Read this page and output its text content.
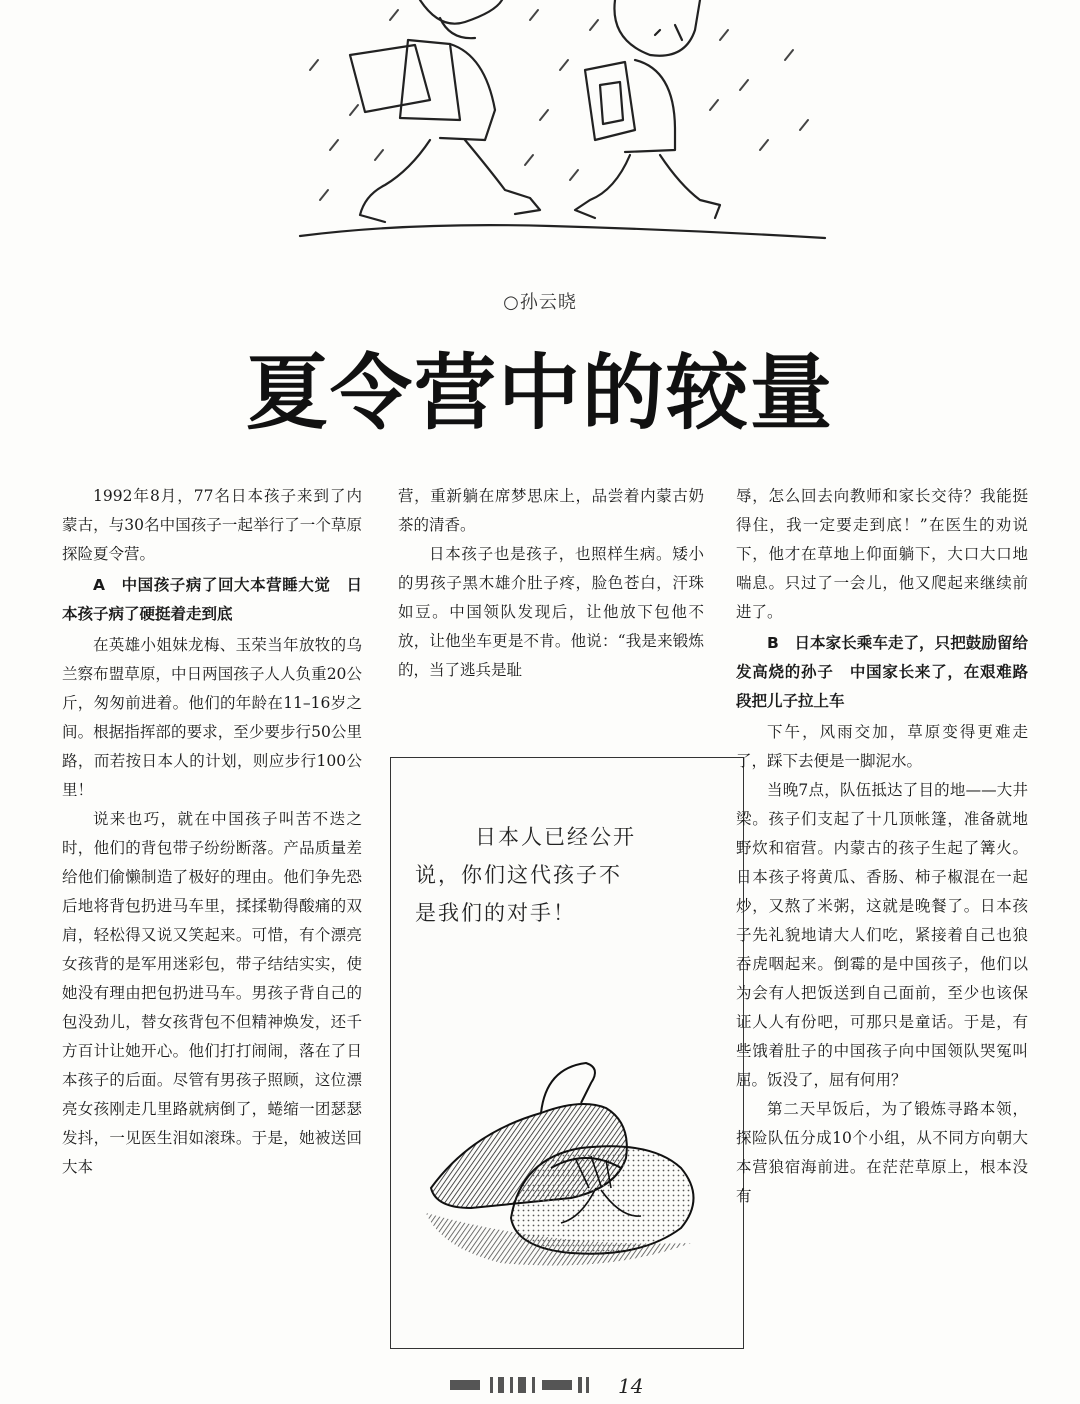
○孙云晓
夏令营中的较量

1992年8月，77名日本孩子来到了内蒙古，与30名中国孩子一起举行了一个草原探险夏令营。

A　中国孩子病了回大本营睡大觉　日本孩子病了硬挺着走到底

在英雄小姐妹龙梅、玉荣当年放牧的乌兰察布盟草原，中日两国孩子人人负重20公斤，匆匆前进着。他们的年龄在11–16岁之间。根据指挥部的要求，至少要步行50公里路，而若按日本人的计划，则应步行100公里！

说来也巧，就在中国孩子叫苦不迭之时，他们的背包带子纷纷断落。产品质量差给他们偷懒制造了极好的理由。他们争先恐后地将背包扔进马车里，揉揉勒得酸痛的双肩，轻松得又说又笑起来。可惜，有个漂亮女孩背的是军用迷彩包，带子结结实实，使她没有理由把包扔进马车。男孩子背自己的包没劲儿，替女孩背包不但精神焕发，还千方百计让她开心。他们打打闹闹，落在了日本孩子的后面。尽管有男孩子照顾，这位漂亮女孩刚走几里路就病倒了，蜷缩一团瑟瑟发抖，一见医生泪如滚珠。于是，她被送回大本

营，重新躺在席梦思床上，品尝着内蒙古奶茶的清香。

日本孩子也是孩子，也照样生病。矮小的男孩子黑木雄介肚子疼，脸色苍白，汗珠如豆。中国领队发现后，让他放下包他不放，让他坐车更是不肯。他说：“我是来锻炼的，当了逃兵是耻

日本人已经公开
说，你们这代孩子不
是我们的对手！

辱，怎么回去向教师和家长交待？我能挺得住，我一定要走到底！”在医生的劝说下，他才在草地上仰面躺下，大口大口地喘息。只过了一会儿，他又爬起来继续前进了。

B　日本家长乘车走了，只把鼓励留给发高烧的孙子　中国家长来了，在艰难路段把儿子拉上车

下午，风雨交加，草原变得更难走了，踩下去便是一脚泥水。

当晚7点，队伍抵达了目的地——大井梁。孩子们支起了十几顶帐篷，准备就地野炊和宿营。内蒙古的孩子生起了篝火。日本孩子将黄瓜、香肠、柿子椒混在一起炒，又熬了米粥，这就是晚餐了。日本孩子先礼貌地请大人们吃，紧接着自己也狼吞虎咽起来。倒霉的是中国孩子，他们以为会有人把饭送到自己面前，至少也该保证人人有份吧，可那只是童话。于是，有些饿着肚子的中国孩子向中国领队哭冤叫屈。饭没了，屈有何用？

第二天早饭后，为了锻炼寻路本领，探险队伍分成10个小组，从不同方向朝大本营狼宿海前进。在茫茫草原上，根本没有

14
